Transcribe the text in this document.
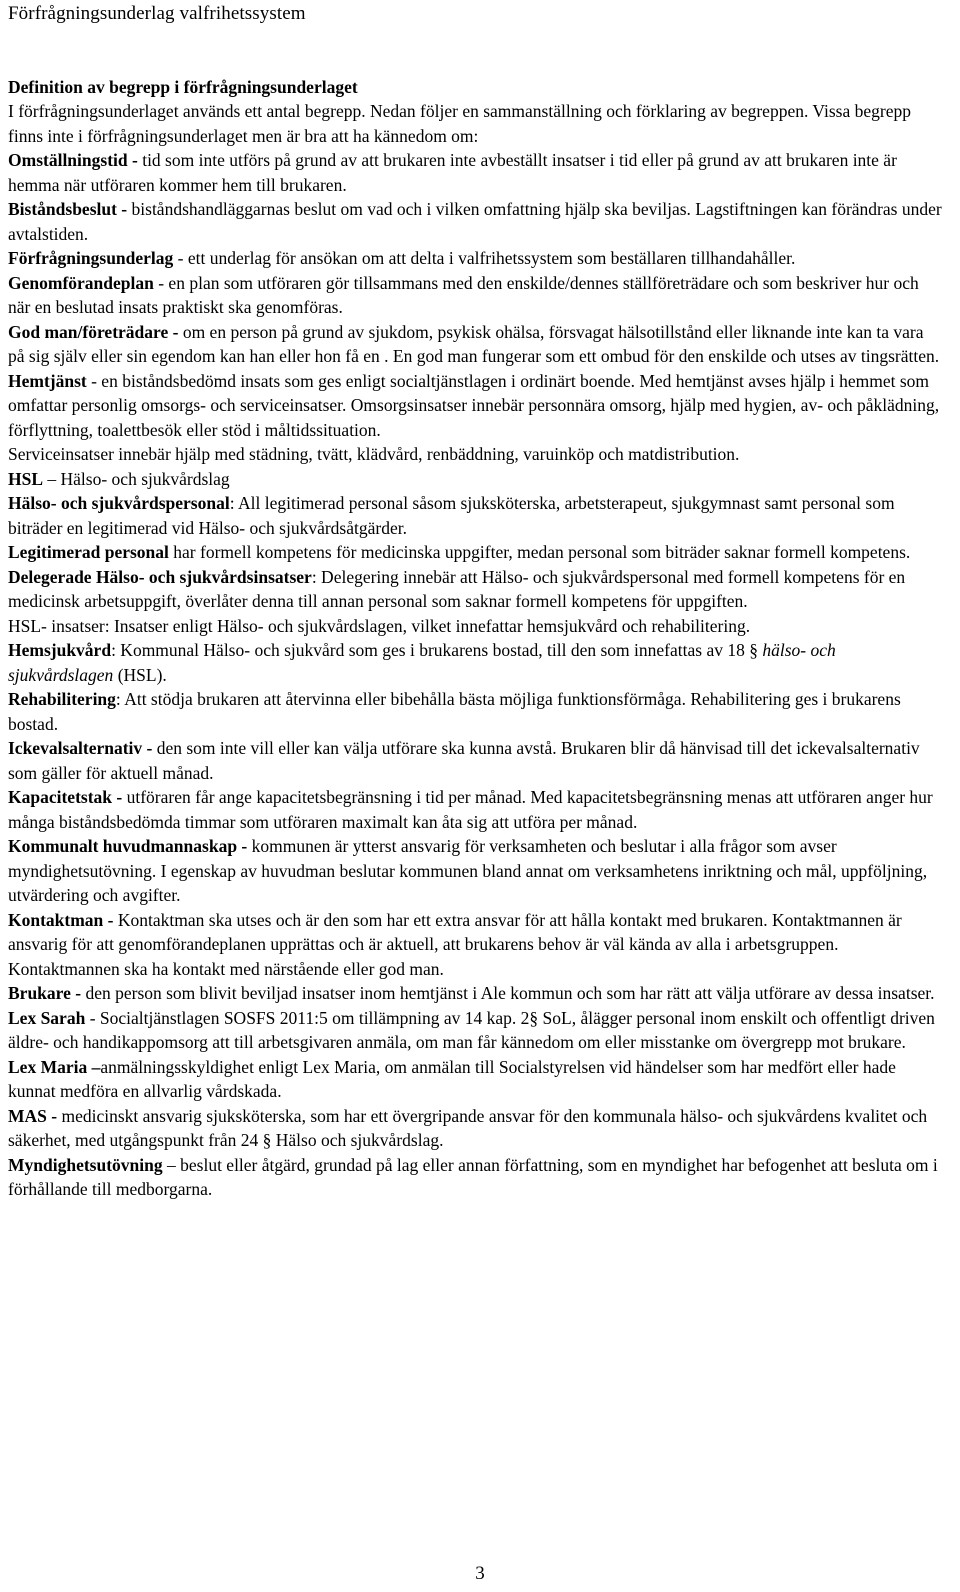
Förfrågningsunderlag valfrihetssystem
Definition av begrepp i förfrågningsunderlaget

I förfrågningsunderlaget används ett antal begrepp. Nedan följer en sammanställning och förklaring av begreppen. Vissa begrepp finns inte i förfrågningsunderlaget men är bra att ha kännedom om:

Omställningstid - tid som inte utförs på grund av att brukaren inte avbeställt insatser i tid eller på grund av att brukaren inte är hemma när utföraren kommer hem till brukaren.

Biståndsbeslut - biståndshandläggarnas beslut om vad och i vilken omfattning hjälp ska beviljas. Lagstiftningen kan förändras under avtalstiden.

Förfrågningsunderlag - ett underlag för ansökan om att delta i valfrihetssystem som beställaren tillhandahåller.

Genomförandeplan - en plan som utföraren gör tillsammans med den enskilde/dennes ställföreträdare och som beskriver hur och när en beslutad insats praktiskt ska genomföras.

God man/företrädare - om en person på grund av sjukdom, psykisk ohälsa, försvagat hälsotillstånd eller liknande inte kan ta vara på sig själv eller sin egendom kan han eller hon få en . En god man fungerar som ett ombud för den enskilde och utses av tingsrätten.

Hemtjänst - en biståndsbedömd insats som ges enligt socialtjänstlagen i ordinärt boende. Med hemtjänst avses hjälp i hemmet som omfattar personlig omsorgs- och serviceinsatser. Omsorgsinsatser innebär personnära omsorg, hjälp med hygien, av- och påklädning, förflyttning, toalettbesök eller stöd i måltidssituation.

Serviceinsatser innebär hjälp med städning, tvätt, klädvård, renbäddning, varuinköp och matdistribution.

HSL – Hälso- och sjukvårdslag

Hälso- och sjukvårdspersonal: All legitimerad personal såsom sjuksköterska, arbetsterapeut, sjukgymnast samt personal som biträder en legitimerad vid Hälso- och sjukvårdsåtgärder.

Legitimerad personal har formell kompetens för medicinska uppgifter, medan personal som biträder saknar formell kompetens.

Delegerade Hälso- och sjukvårdsinsatser: Delegering innebär att Hälso- och sjukvårdspersonal med formell kompetens för en medicinsk arbetsuppgift, överlåter denna till annan personal som saknar formell kompetens för uppgiften.

HSL- insatser: Insatser enligt Hälso- och sjukvårdslagen, vilket innefattar hemsjukvård och rehabilitering.

Hemsjukvård: Kommunal Hälso- och sjukvård som ges i brukarens bostad, till den som innefattas av 18 § hälso- och sjukvårdslagen (HSL).

Rehabilitering: Att stödja brukaren att återvinna eller bibehålla bästa möjliga funktionsförmåga. Rehabilitering ges i brukarens bostad.

Ickevalsalternativ - den som inte vill eller kan välja utförare ska kunna avstå. Brukaren blir då hänvisad till det ickevalsalternativ som gäller för aktuell månad.

Kapacitetstak - utföraren får ange kapacitetsbegränsning i tid per månad. Med kapacitetsbegränsning menas att utföraren anger hur många biståndsbedömda timmar som utföraren maximalt kan åta sig att utföra per månad.

Kommunalt huvudmannaskap - kommunen är ytterst ansvarig för verksamheten och beslutar i alla frågor som avser myndighetsutövning. I egenskap av huvudman beslutar kommunen bland annat om verksamhetens inriktning och mål, uppföljning, utvärdering och avgifter.

Kontaktman - Kontaktman ska utses och är den som har ett extra ansvar för att hålla kontakt med brukaren. Kontaktmannen är ansvarig för att genomförandeplanen upprättas och är aktuell, att brukarens behov är väl kända av alla i arbetsgruppen. Kontaktmannen ska ha kontakt med närstående eller god man.

Brukare - den person som blivit beviljad insatser inom hemtjänst i Ale kommun och som har rätt att välja utförare av dessa insatser.

Lex Sarah - Socialtjänstlagen SOSFS 2011:5 om tillämpning av 14 kap. 2§ SoL, ålägger personal inom enskilt och offentligt driven äldre- och handikappomsorg att till arbetsgivaren anmäla, om man får kännedom om eller misstanke om övergrepp mot brukare.

Lex Maria –anmälningsskyldighet enligt Lex Maria, om anmälan till Socialstyrelsen vid händelser som har medfört eller hade kunnat medföra en allvarlig vårdskada.

MAS - medicinskt ansvarig sjuksköterska, som har ett övergripande ansvar för den kommunala hälso- och sjukvårdens kvalitet och säkerhet, med utgångspunkt från 24 § Hälso och sjukvårdslag.

Myndighetsutövning – beslut eller åtgärd, grundad på lag eller annan författning, som en myndighet har befogenhet att besluta om i förhållande till medborgarna.

3
